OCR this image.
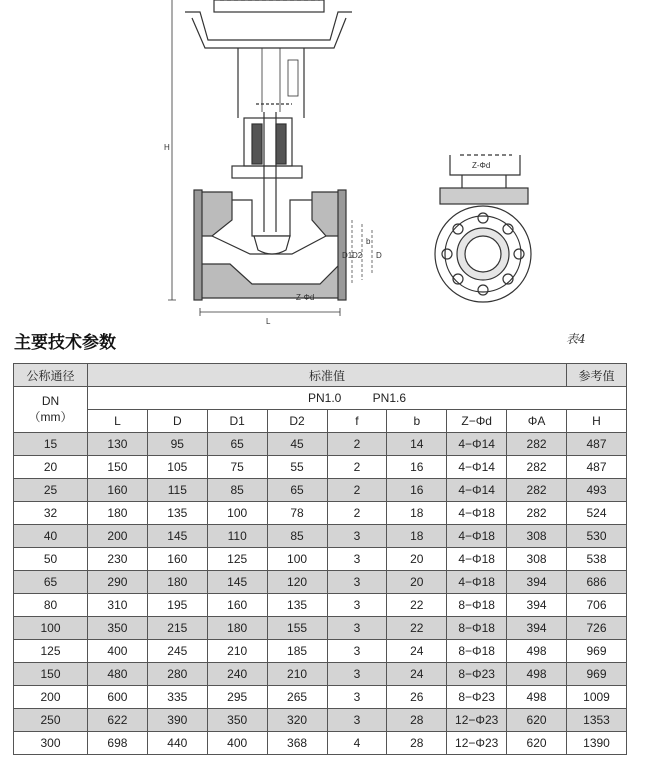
H
L
Z-Φd
D1 D2
b
D
Z-Φd
主要技术参数	表4
公称通径	标准值								参考值

DN
（mm）	PN1.0 PN1.6								
	L	D	D1	D2	f	b	Z−Φd	ΦA	H
15	130	95	65	45	2	14	4−Φ14	282	487
20	150	105	75	55	2	16	4−Φ14	282	487
25	160	115	85	65	2	16	4−Φ14	282	493
32	180	135	100	78	2	18	4−Φ18	282	524
40	200	145	110	85	3	18	4−Φ18	308	530
50	230	160	125	100	3	20	4−Φ18	308	538
65	290	180	145	120	3	20	4−Φ18	394	686
80	310	195	160	135	3	22	8−Φ18	394	706
100	350	215	180	155	3	22	8−Φ18	394	726
125	400	245	210	185	3	24	8−Φ18	498	969
150	480	280	240	210	3	24	8−Φ23	498	969
200	600	335	295	265	3	26	8−Φ23	498	1009
250	622	390	350	320	3	28	12−Φ23	620	1353
300	698	440	400	368	4	28	12−Φ23	620	1390
